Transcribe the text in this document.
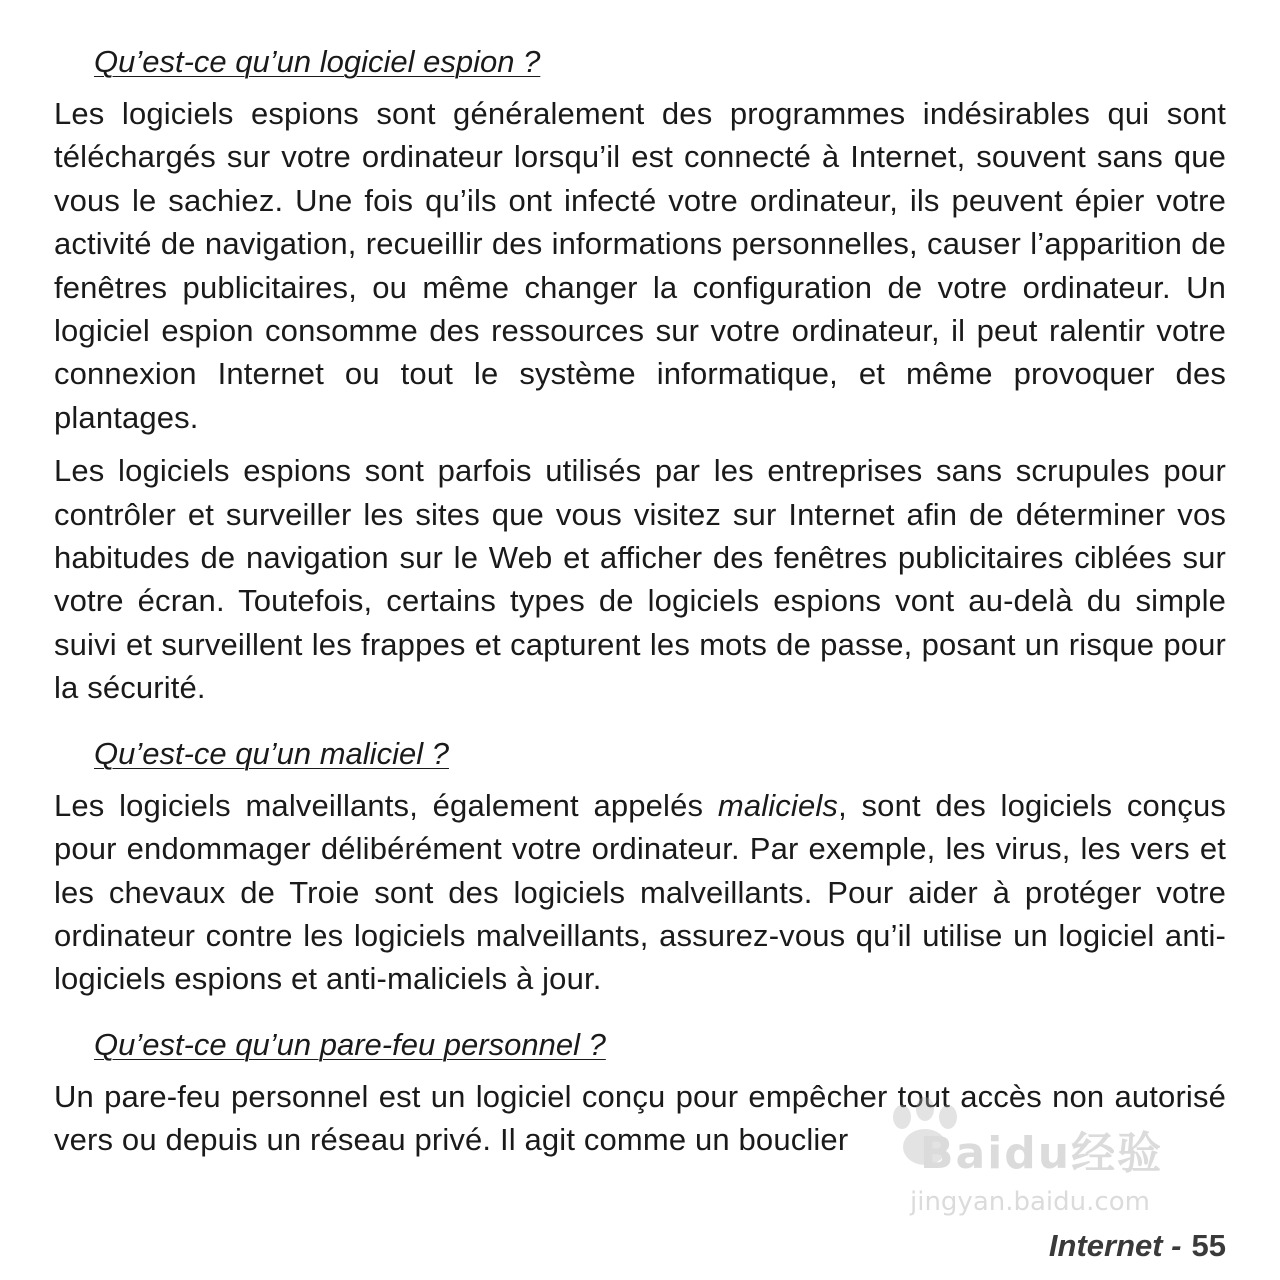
Qu’est-ce qu’un logiciel espion ?

Les logiciels espions sont généralement des programmes indésirables qui sont téléchargés sur votre ordinateur lorsqu’il est connecté à Internet, souvent sans que vous le sachiez. Une fois qu’ils ont infecté votre ordinateur, ils peuvent épier votre activité de navigation, recueillir des informations personnelles, causer l’apparition de fenêtres publicitaires, ou même changer la configuration de votre ordinateur. Un logiciel espion consomme des ressources sur votre ordinateur, il peut ralentir votre connexion Internet ou tout le système informatique, et même provoquer des plantages.

Les logiciels espions sont parfois utilisés par les entreprises sans scrupules pour contrôler et surveiller les sites que vous visitez sur Internet afin de déterminer vos habitudes de navigation sur le Web et afficher des fenêtres publicitaires ciblées sur votre écran. Toutefois, certains types de logiciels espions vont au-delà du simple suivi et surveillent les frappes et capturent les mots de passe, posant un risque pour la sécurité.

Qu’est-ce qu’un maliciel ?

Les logiciels malveillants, également appelés maliciels, sont des logiciels conçus pour endommager délibérément votre ordinateur. Par exemple, les virus, les vers et les chevaux de Troie sont des logiciels malveillants. Pour aider à protéger votre ordinateur contre les logiciels malveillants, assurez-vous qu’il utilise un logiciel anti-logiciels espions et anti-maliciels à jour.

Qu’est-ce qu’un pare-feu personnel ?

Un pare-feu personnel est un logiciel conçu pour empêcher tout accès non autorisé vers ou depuis un réseau privé. Il agit comme un bouclier	Baidu经验
jingyan.baidu.com
Internet - 55
